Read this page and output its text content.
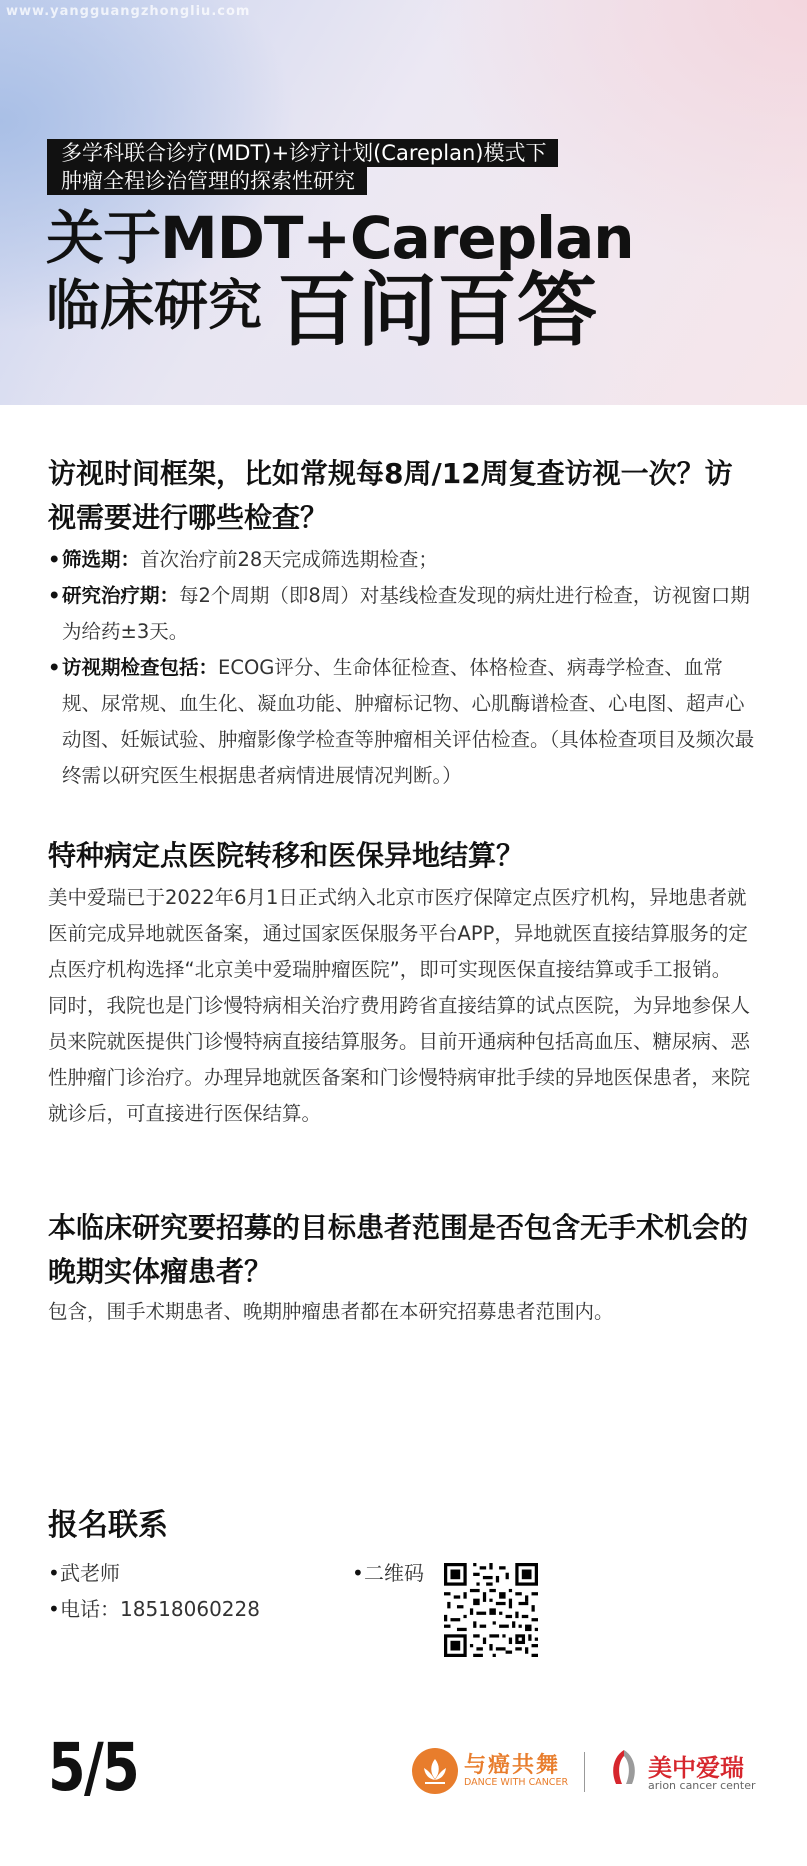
www.yangguangzhongliu.com
多学科联合诊疗(MDT)+诊疗计划(Careplan)模式下
肿瘤全程诊治管理的探索性研究
关于MDT+Careplan
临床研究 百问百答
访视时间框架，比如常规每8周/12周复查访视一次？访视需要进行哪些检查？
• 筛选期：首次治疗前28天完成筛选期检查；
• 研究治疗期：每2个周期（即8周）对基线检查发现的病灶进行检查，访视窗口期为给药±3天。
• 访视期检查包括：ECOG评分、生命体征检查、体格检查、病毒学检查、血常规、尿常规、血生化、凝血功能、肿瘤标记物、心肌酶谱检查、心电图、超声心动图、妊娠试验、肿瘤影像学检查等肿瘤相关评估检查。（具体检查项目及频次最终需以研究医生根据患者病情进展情况判断。）
特种病定点医院转移和医保异地结算？

美中爱瑞已于2022年6月1日正式纳入北京市医疗保障定点医疗机构，异地患者就医前完成异地就医备案，通过国家医保服务平台APP，异地就医直接结算服务的定点医疗机构选择“北京美中爱瑞肿瘤医院”，即可实现医保直接结算或手工报销。

同时，我院也是门诊慢特病相关治疗费用跨省直接结算的试点医院，为异地参保人员来院就医提供门诊慢特病直接结算服务。目前开通病种包括高血压、糖尿病、恶性肿瘤门诊治疗。办理异地就医备案和门诊慢特病审批手续的异地医保患者，来院就诊后，可直接进行医保结算。

本临床研究要招募的目标患者范围是否包含无手术机会的晚期实体瘤患者？

包含，围手术期患者、晚期肿瘤患者都在本研究招募患者范围内。

报名联系
• 武老师
• 电话：18518060228
• 二维码
5/5	与癌共舞
DANCE WITH CANCER
美中爱瑞
arion cancer center
